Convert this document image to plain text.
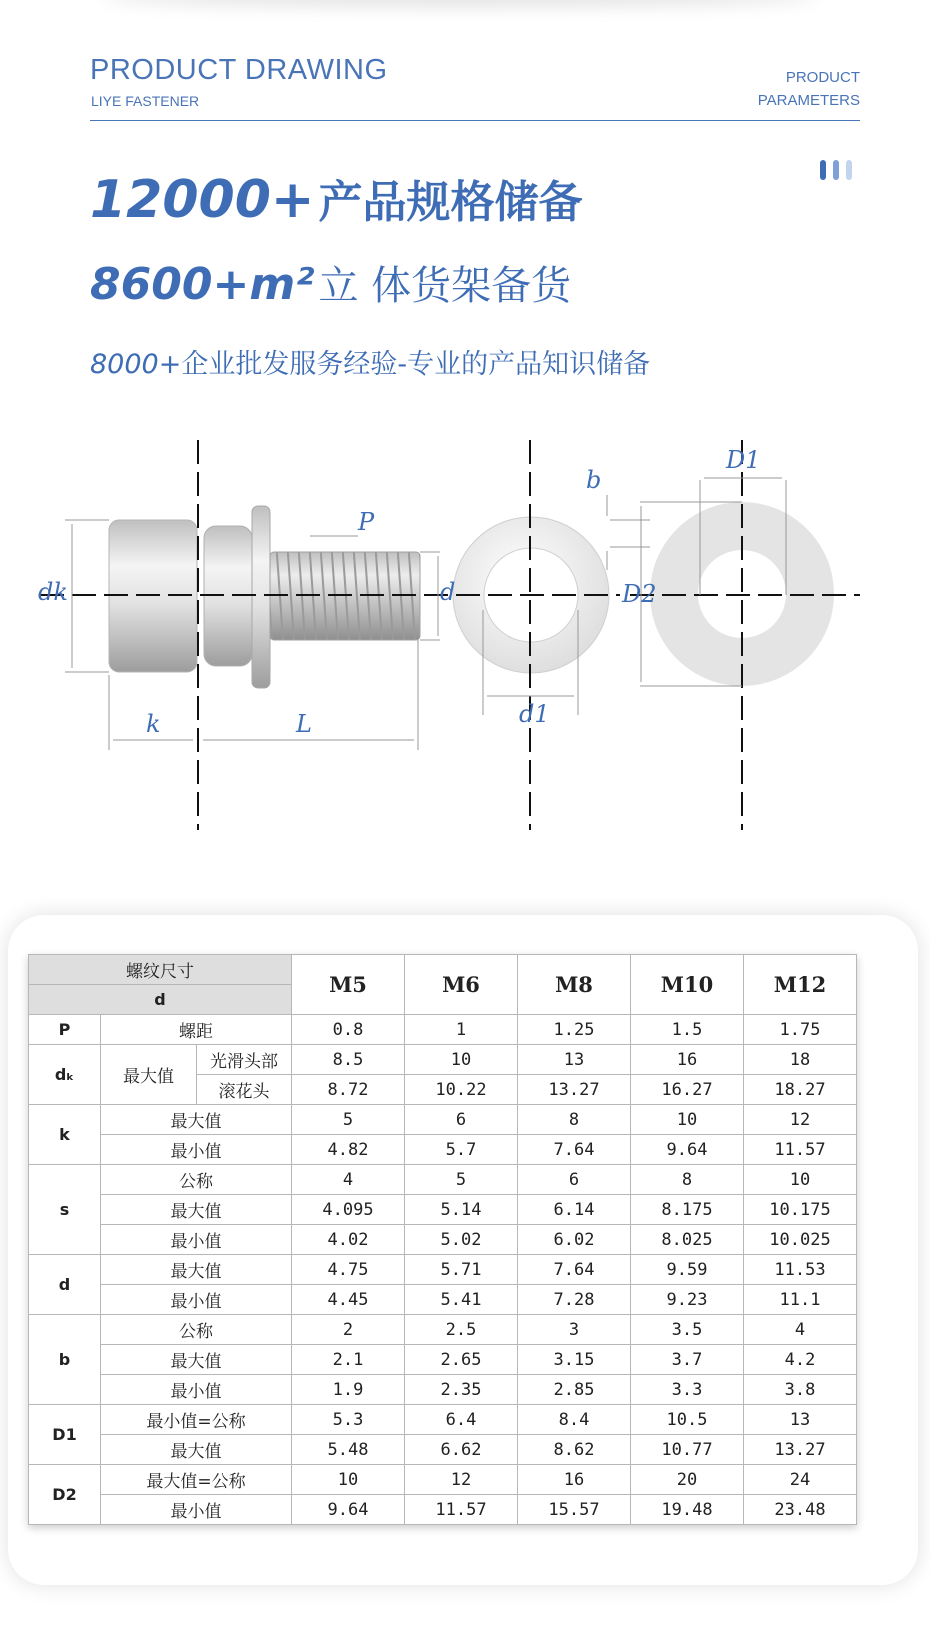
PRODUCT DRAWING
LIYE FASTENER
PRODUCT
PARAMETERS
12000+产品规格储备
8600+m² 立 体货架备货
8000+企业批发服务经验-专业的产品知识储备
dk
k	L
P
d
b
d1
D2
D1
螺纹尺寸			M5	M6	M8	M10	M12
d							
P	螺距		0.8	1	1.25	1.5	1.75
dₖ	最大值	光滑头部	8.5	10	13	16	18
		滚花头	8.72	10.22	13.27	16.27	18.27
k	最大值		5	6	8	10	12
	最小值		4.82	5.7	7.64	9.64	11.57
s	公称		4	5	6	8	10
	最大值		4.095	5.14	6.14	8.175	10.175
	最小值		4.02	5.02	6.02	8.025	10.025
d	最大值		4.75	5.71	7.64	9.59	11.53
	最小值		4.45	5.41	7.28	9.23	11.1
b	公称		2	2.5	3	3.5	4
	最大值		2.1	2.65	3.15	3.7	4.2
	最小值		1.9	2.35	2.85	3.3	3.8
D1	最小值=公称		5.3	6.4	8.4	10.5	13
	最大值		5.48	6.62	8.62	10.77	13.27
D2	最大值=公称		10	12	16	20	24
	最小值		9.64	11.57	15.57	19.48	23.48
